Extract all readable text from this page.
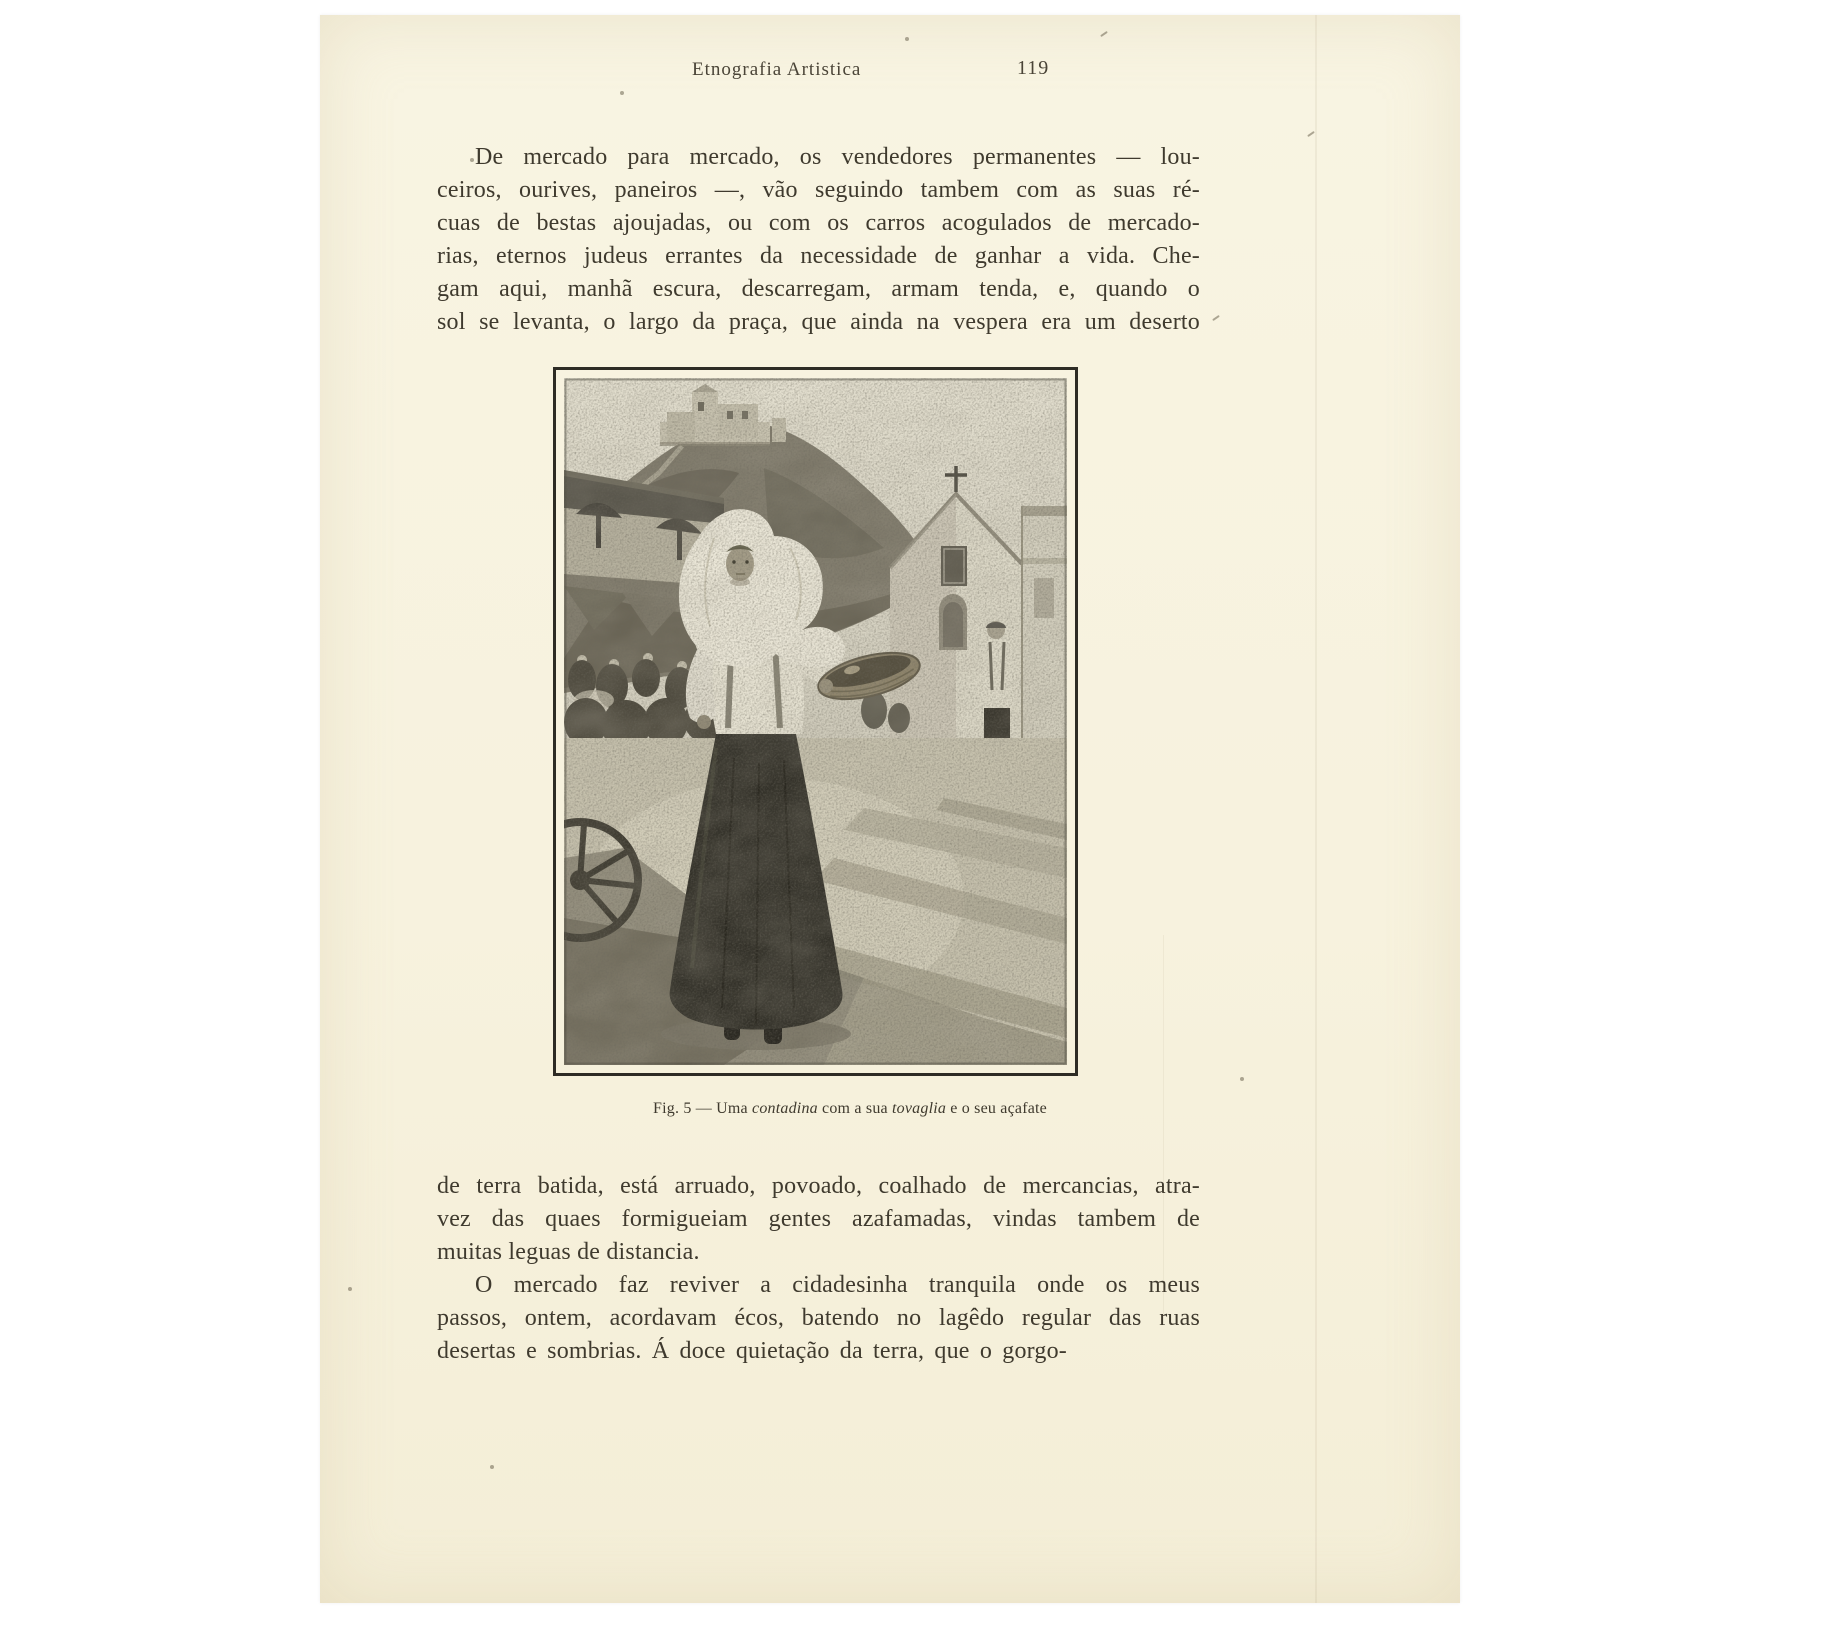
Etnografia Artistica	119
De mercado para mercado, os vendedores permanentes — lou-
ceiros, ourives, paneiros —, vão seguindo tambem com as suas ré-
cuas de bestas ajoujadas, ou com os carros acogulados de mercado-
rias, eternos judeus errantes da necessidade de ganhar a vida. Che-
gam aqui, manhã escura, descarregam, armam tenda, e, quando o
sol se levanta, o largo da praça, que ainda na vespera era um deserto
Fig. 5 — Uma contadina com a sua tovaglia e o seu açafate
de terra batida, está arruado, povoado, coalhado de mercancias, atra-
vez das quaes formigueiam gentes azafamadas, vindas tambem de
muitas leguas de distancia.
O mercado faz reviver a cidadesinha tranquila onde os meus
passos, ontem, acordavam écos, batendo no lagêdo regular das ruas
desertas e sombrias. Á doce quietação da terra, que o gorgo-
